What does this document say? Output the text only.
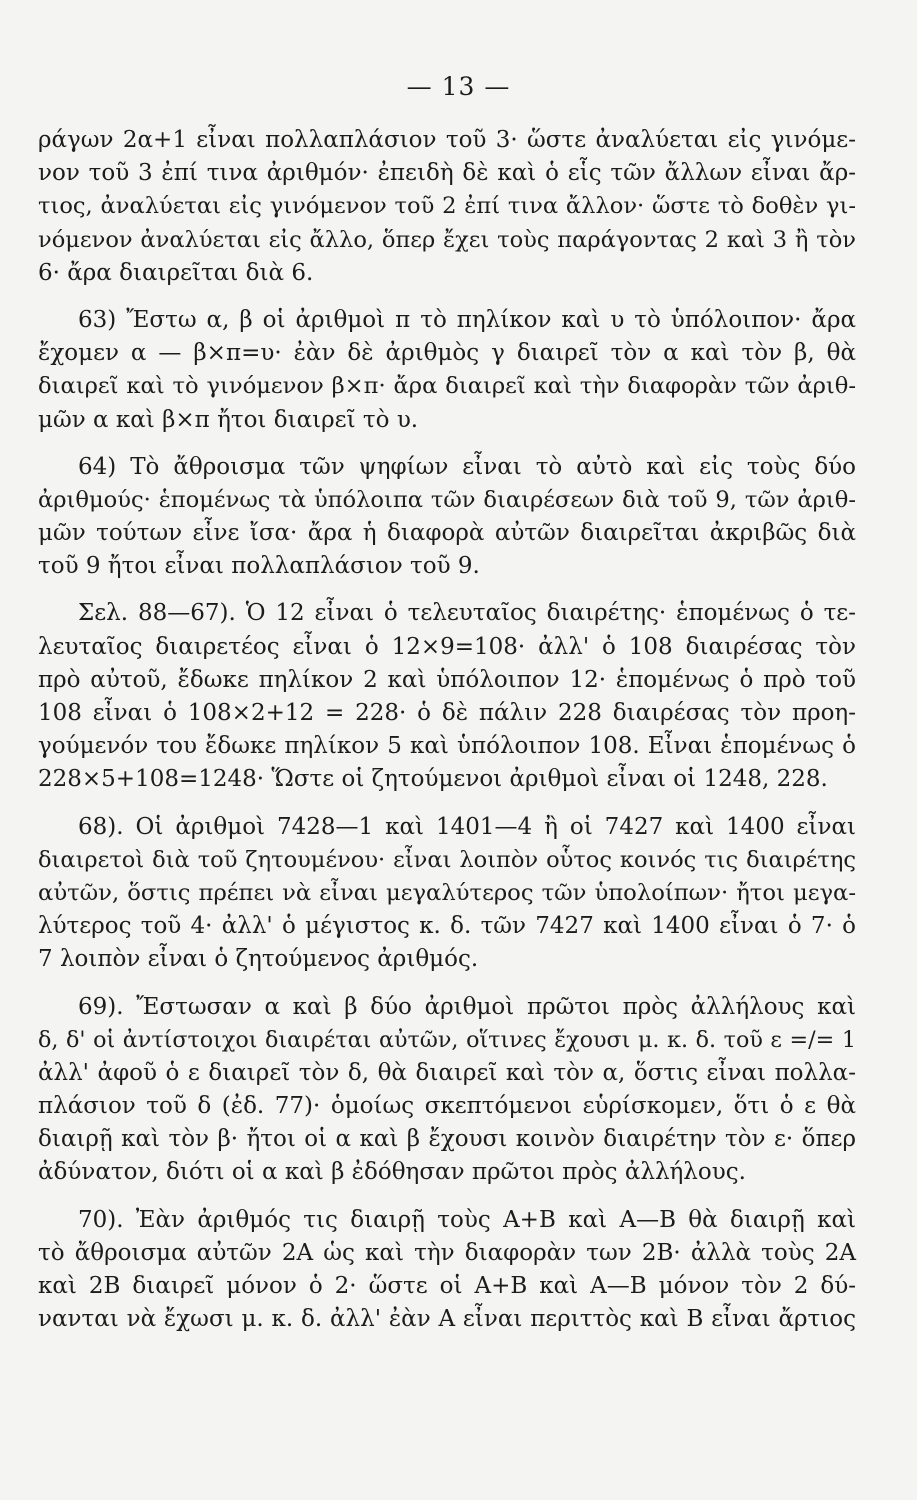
— 13 —
ράγων 2α+1 εἶναι πολλαπλάσιον τοῦ 3· ὥστε ἀναλύεται εἰς γινόμε-
νον τοῦ 3 ἐπί τινα ἀριθμόν· ἐπειδὴ δὲ καὶ ὁ εἷς τῶν ἄλλων εἶναι ἄρ-
τιος, ἀναλύεται εἰς γινόμενον τοῦ 2 ἐπί τινα ἄλλον· ὥστε τὸ δοθὲν γι-
νόμενον ἀναλύεται εἰς ἄλλο, ὅπερ ἔχει τοὺς παράγοντας 2 καὶ 3 ἢ τὸν
6· ἄρα διαιρεῖται διὰ 6.
63) Ἔστω α, β οἱ ἀριθμοὶ π τὸ πηλίκον καὶ υ τὸ ὑπόλοιπον· ἄρα
ἔχομεν α — β×π=υ· ἐὰν δὲ ἀριθμὸς γ διαιρεῖ τὸν α καὶ τὸν β, θὰ
διαιρεῖ καὶ τὸ γινόμενον β×π· ἄρα διαιρεῖ καὶ τὴν διαφορὰν τῶν ἀριθ-
μῶν α καὶ β×π ἤτοι διαιρεῖ τὸ υ.
64) Τὸ ἄθροισμα τῶν ψηφίων εἶναι τὸ αὐτὸ καὶ εἰς τοὺς δύο
ἀριθμούς· ἑπομένως τὰ ὑπόλοιπα τῶν διαιρέσεων διὰ τοῦ 9, τῶν ἀριθ-
μῶν τούτων εἶνε ἴσα· ἄρα ἡ διαφορὰ αὐτῶν διαιρεῖται ἀκριβῶς διὰ
τοῦ 9 ἤτοι εἶναι πολλαπλάσιον τοῦ 9.
Σελ. 88—67). Ὁ 12 εἶναι ὁ τελευταῖος διαιρέτης· ἑπομένως ὁ τε-
λευταῖος διαιρετέος εἶναι ὁ 12×9=108· ἀλλ' ὁ 108 διαιρέσας τὸν
πρὸ αὐτοῦ, ἔδωκε πηλίκον 2 καὶ ὑπόλοιπον 12· ἑπομένως ὁ πρὸ τοῦ
108 εἶναι ὁ 108×2+12 = 228· ὁ δὲ πάλιν 228 διαιρέσας τὸν προη-
γούμενόν του ἔδωκε πηλίκον 5 καὶ ὑπόλοιπον 108. Εἶναι ἑπομένως ὁ
228×5+108=1248· Ὥστε οἱ ζητούμενοι ἀριθμοὶ εἶναι οἱ 1248, 228.
68). Οἱ ἀριθμοὶ 7428—1 καὶ 1401—4 ἢ οἱ 7427 καὶ 1400 εἶναι
διαιρετοὶ διὰ τοῦ ζητουμένου· εἶναι λοιπὸν οὗτος κοινός τις διαιρέτης
αὐτῶν, ὅστις πρέπει νὰ εἶναι μεγαλύτερος τῶν ὑπολοίπων· ἤτοι μεγα-
λύτερος τοῦ 4· ἀλλ' ὁ μέγιστος κ. δ. τῶν 7427 καὶ 1400 εἶναι ὁ 7· ὁ
7 λοιπὸν εἶναι ὁ ζητούμενος ἀριθμός.
69). Ἔστωσαν α καὶ β δύο ἀριθμοὶ πρῶτοι πρὸς ἀλλήλους καὶ
δ, δ' οἱ ἀντίστοιχοι διαιρέται αὐτῶν, οἵτινες ἔχουσι μ. κ. δ. τοῦ ε =/= 1
ἀλλ' ἀφοῦ ὁ ε διαιρεῖ τὸν δ, θὰ διαιρεῖ καὶ τὸν α, ὅστις εἶναι πολλα-
πλάσιον τοῦ δ (ἐδ. 77)· ὁμοίως σκεπτόμενοι εὑρίσκομεν, ὅτι ὁ ε θὰ
διαιρῇ καὶ τὸν β· ἤτοι οἱ α καὶ β ἔχουσι κοινὸν διαιρέτην τὸν ε· ὅπερ
ἀδύνατον, διότι οἱ α καὶ β ἐδόθησαν πρῶτοι πρὸς ἀλλήλους.
70). Ἐὰν ἀριθμός τις διαιρῇ τοὺς Α+Β καὶ Α—Β θὰ διαιρῇ καὶ
τὸ ἄθροισμα αὐτῶν 2Α ὡς καὶ τὴν διαφορὰν των 2Β· ἀλλὰ τοὺς 2Α
καὶ 2Β διαιρεῖ μόνον ὁ 2· ὥστε οἱ Α+Β καὶ Α—Β μόνον τὸν 2 δύ-
νανται νὰ ἔχωσι μ. κ. δ. ἀλλ' ἐὰν Α εἶναι περιττὸς καὶ Β εἶναι ἄρτιος
